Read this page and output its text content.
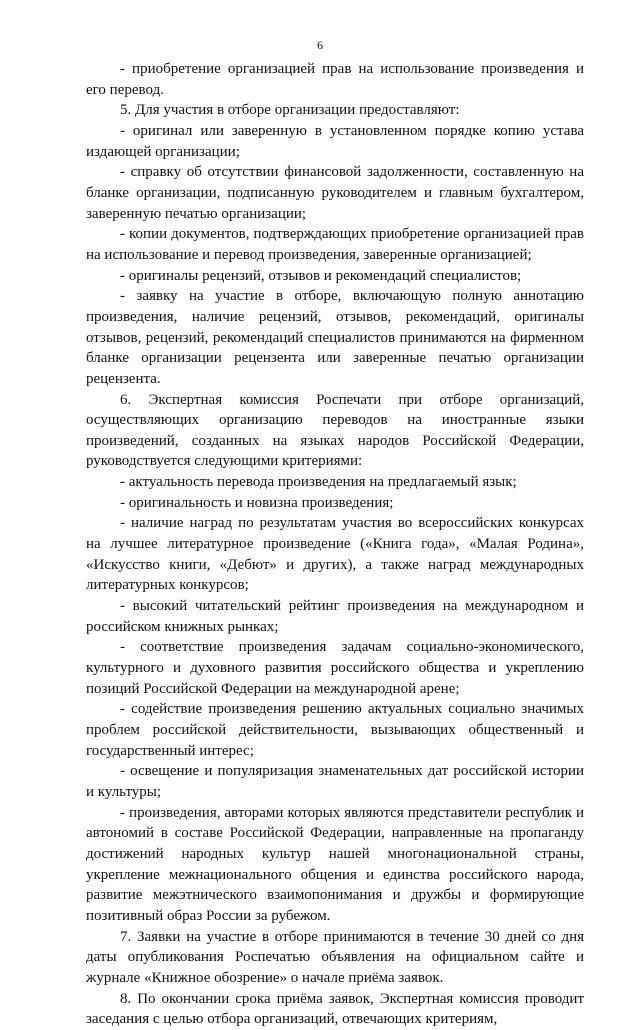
6

- приобретение организацией прав на использование произведения и его перевод.

5. Для участия в отборе организации предоставляют:

- оригинал или заверенную в установленном порядке копию устава издающей организации;

- справку об отсутствии финансовой задолженности, составленную на бланке организации, подписанную руководителем и главным бухгалтером, заверенную печатью организации;

- копии документов, подтверждающих приобретение организацией прав на использование и перевод произведения, заверенные организацией;

- оригиналы рецензий, отзывов и рекомендаций специалистов;

- заявку на участие в отборе, включающую полную аннотацию произведения, наличие рецензий, отзывов, рекомендаций, оригиналы отзывов, рецензий, рекомендаций специалистов принимаются на фирменном бланке организации рецензента или заверенные печатью организации рецензента.

6. Экспертная комиссия Роспечати при отборе организаций, осуществляющих организацию переводов на иностранные языки произведений, созданных на языках народов Российской Федерации, руководствуется следующими критериями:

- актуальность перевода произведения на предлагаемый язык;

- оригинальность и новизна произведения;

- наличие наград по результатам участия во всероссийских конкурсах на лучшее литературное произведение («Книга года», «Малая Родина», «Искусство книги, «Дебют» и других), а также наград международных литературных конкурсов;

- высокий читательский рейтинг произведения на международном и российском книжных рынках;

- соответствие произведения задачам социально-экономического, культурного и духовного развития российского общества и укреплению позиций Российской Федерации на международной арене;

- содействие произведения решению актуальных социально значимых проблем российской действительности, вызывающих общественный и государственный интерес;

- освещение и популяризация знаменательных дат российской истории и культуры;

- произведения, авторами которых являются представители республик и автономий в составе Российской Федерации, направленные на пропаганду достижений народных культур нашей многонациональной страны, укрепление межнационального общения и единства российского народа, развитие межэтнического взаимопонимания и дружбы и формирующие позитивный образ России за рубежом.

7. Заявки на участие в отборе принимаются в течение 30 дней со дня даты опубликования Роспечатью объявления на официальном сайте и журнале «Книжное обозрение» о начале приёма заявок.

8. По окончании срока приёма заявок, Экспертная комиссия проводит заседания с целью отбора организаций, отвечающих критериям,
